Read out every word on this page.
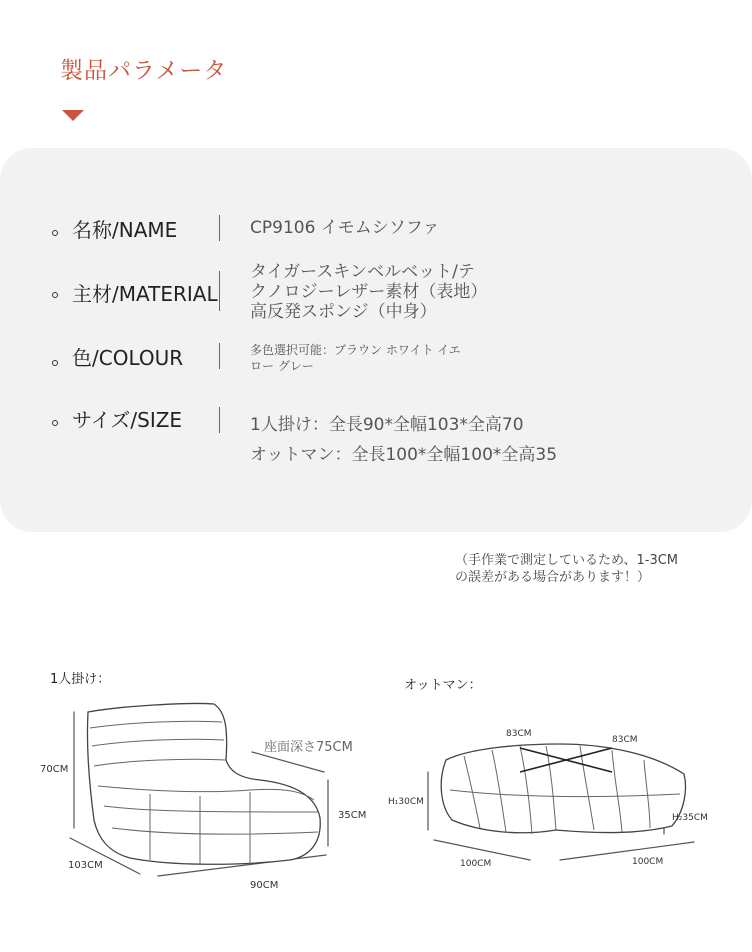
製品パラメータ
名称/NAME	CP9106 イモムシソファ
主材/MATERIAL
タイガースキンベルベット/テ
クノロジーレザー素材（表地）
高反発スポンジ（中身）
色/COLOUR	多色選択可能：ブラウン ホワイト イエ
ロー グレー
サイズ/SIZE	1人掛け：全長90*全幅103*全高70
オットマン：全長100*全幅100*全高35
（手作業で測定しているため、1-3CM
の誤差がある場合があります！）
1人掛け：	オットマン：
70CM
103CM
90CM
35CM
座面深さ75CM
83CM
83CM
H₁30CM
H₂35CM
100CM	100CM
